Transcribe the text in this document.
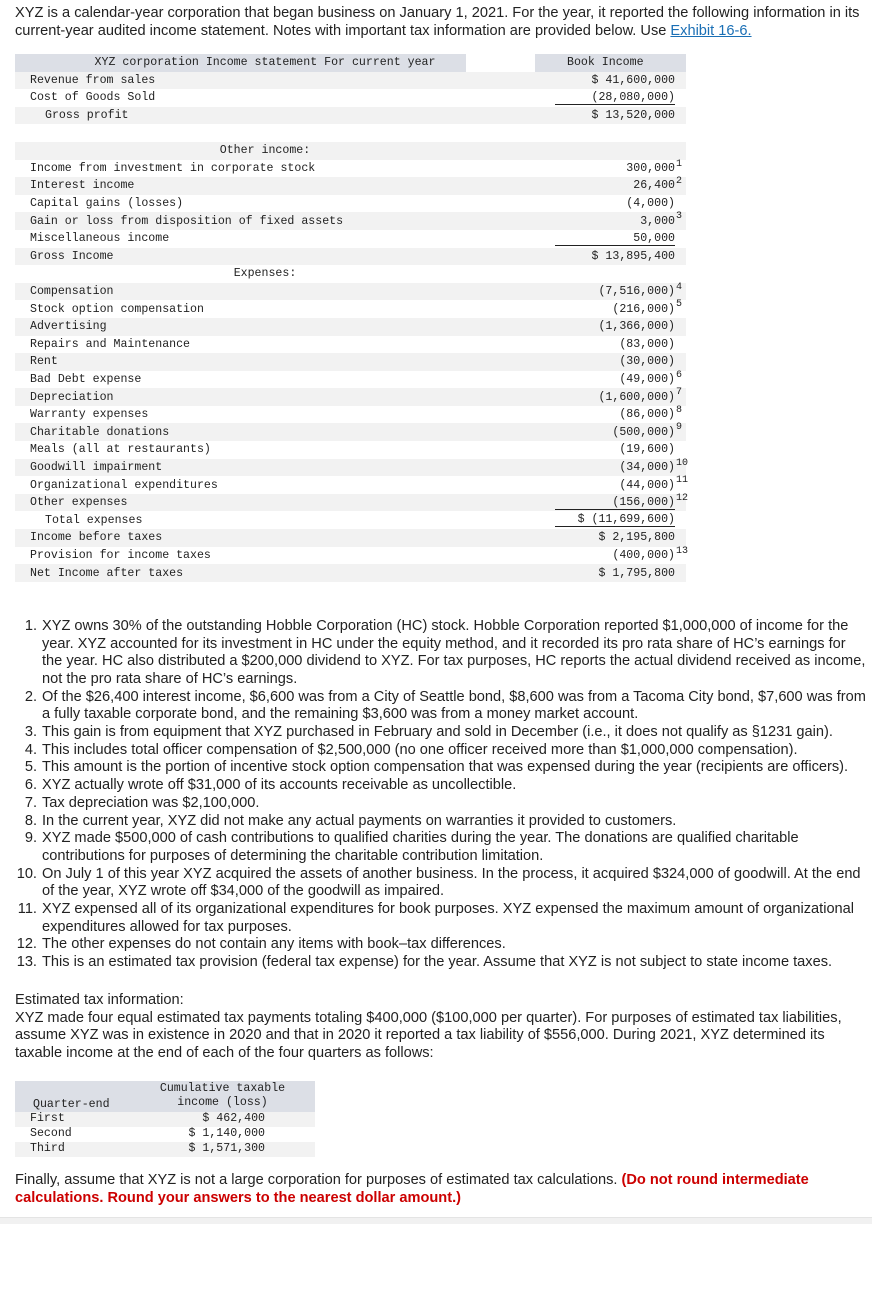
XYZ is a calendar-year corporation that began business on January 1, 2021. For the year, it reported the following information in its current-year audited income statement. Notes with important tax information are provided below. Use Exhibit 16-6.
XYZ corporation Income statement For current year	Book Income
Revenue from sales	$ 41,600,000
Cost of Goods Sold	(28,080,000)
Gross profit	$ 13,520,000
Other income:
Income from investment in corporate stock	300,000 1
Interest income	26,400 2
Capital gains (losses)	(4,000)
Gain or loss from disposition of fixed assets	3,000 3
Miscellaneous income	50,000
Gross Income	$ 13,895,400
Expenses:
Compensation	(7,516,000) 4
Stock option compensation	(216,000) 5
Advertising	(1,366,000)
Repairs and Maintenance	(83,000)
Rent	(30,000)
Bad Debt expense	(49,000) 6
Depreciation	(1,600,000) 7
Warranty expenses	(86,000) 8
Charitable donations	(500,000) 9
Meals (all at restaurants)	(19,600)
Goodwill impairment	(34,000) 10
Organizational expenditures	(44,000) 11
Other expenses	(156,000) 12
Total expenses	$ (11,699,600)
Income before taxes	$ 2,195,800
Provision for income taxes	(400,000) 13
Net Income after taxes	$ 1,795,800
1. XYZ owns 30% of the outstanding Hobble Corporation (HC) stock. Hobble Corporation reported $1,000,000 of income for the year. XYZ accounted for its investment in HC under the equity method, and it recorded its pro rata share of HC’s earnings for the year. HC also distributed a $200,000 dividend to XYZ. For tax purposes, HC reports the actual dividend received as income, not the pro rata share of HC’s earnings.
2. Of the $26,400 interest income, $6,600 was from a City of Seattle bond, $8,600 was from a Tacoma City bond, $7,600 was from a fully taxable corporate bond, and the remaining $3,600 was from a money market account.
3. This gain is from equipment that XYZ purchased in February and sold in December (i.e., it does not qualify as §1231 gain).
4. This includes total officer compensation of $2,500,000 (no one officer received more than $1,000,000 compensation).
5. This amount is the portion of incentive stock option compensation that was expensed during the year (recipients are officers).
6. XYZ actually wrote off $31,000 of its accounts receivable as uncollectible.
7. Tax depreciation was $2,100,000.
8. In the current year, XYZ did not make any actual payments on warranties it provided to customers.
9. XYZ made $500,000 of cash contributions to qualified charities during the year. The donations are qualified charitable contributions for purposes of determining the charitable contribution limitation.
10. On July 1 of this year XYZ acquired the assets of another business. In the process, it acquired $324,000 of goodwill. At the end of the year, XYZ wrote off $34,000 of the goodwill as impaired.
11. XYZ expensed all of its organizational expenditures for book purposes. XYZ expensed the maximum amount of organizational expenditures allowed for tax purposes.
12. The other expenses do not contain any items with book–tax differences.
13. This is an estimated tax provision (federal tax expense) for the year. Assume that XYZ is not subject to state income taxes.
Estimated tax information:
XYZ made four equal estimated tax payments totaling $400,000 ($100,000 per quarter). For purposes of estimated tax liabilities, assume XYZ was in existence in 2020 and that in 2020 it reported a tax liability of $556,000. During 2021, XYZ determined its taxable income at the end of each of the four quarters as follows:
Quarter-end
Cumulative taxable income (loss)
First	$ 462,400
Second	$ 1,140,000
Third	$ 1,571,300
Finally, assume that XYZ is not a large corporation for purposes of estimated tax calculations. (Do not round intermediate calculations. Round your answers to the nearest dollar amount.)
